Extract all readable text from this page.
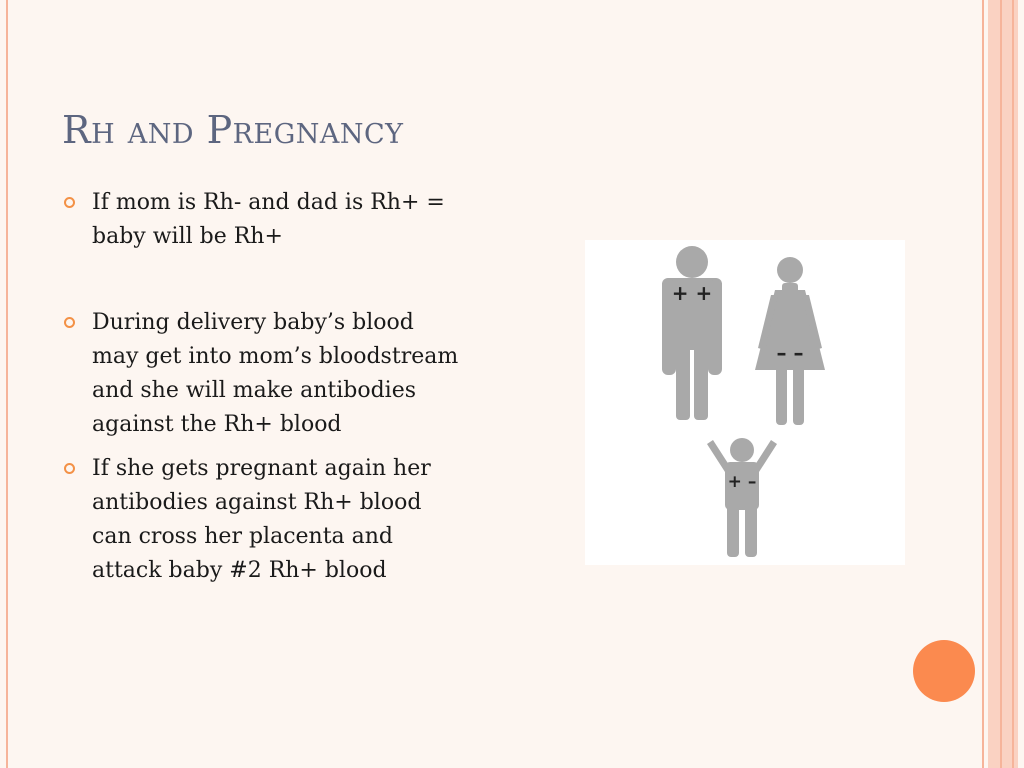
Rh and Pregnancy
If mom is Rh- and dad is Rh+ = baby will be Rh+
During delivery baby’s blood may get into mom’s bloodstream and she will make antibodies against the Rh+ blood
If she gets pregnant again her antibodies against Rh+ blood can cross her placenta and attack baby #2 Rh+ blood
+ +
– –
+ –
